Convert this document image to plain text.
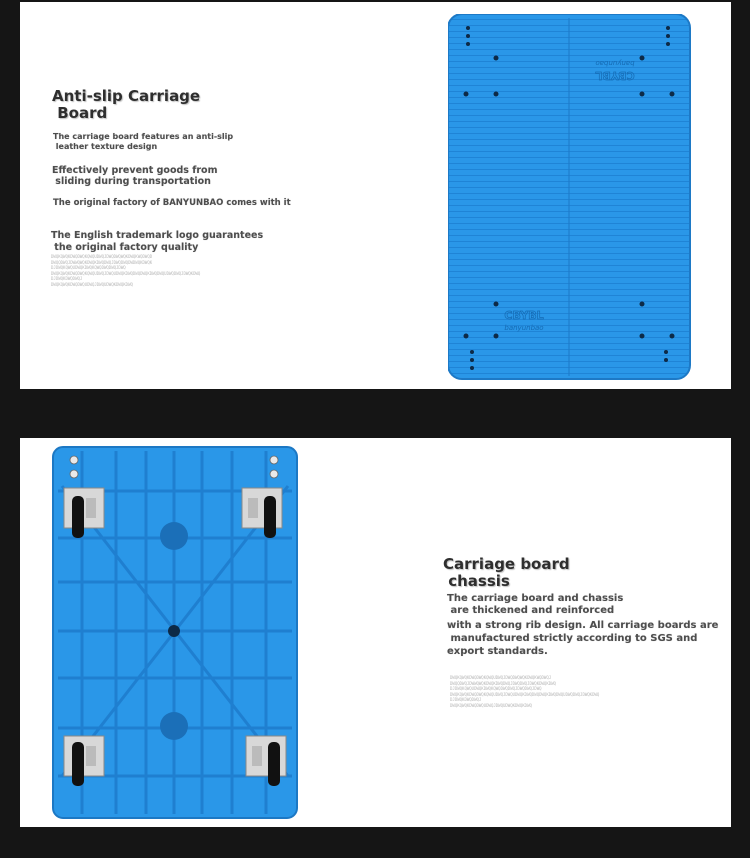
Anti-slip Carriage
Board
The carriage board features an anti-slip
leather texture design
Effectively prevent goods from
sliding during transportation
The original factory of BANYUNBAO comes with it
The English trademark logo guarantees
the original factory quality
DWQKQWQKDWQDWQKQWQUDWQJDWQDWQWQKDWQKWQDWQD
DWQQDWQJDWWQWQKDWQKDWQDWQJDWQDWQDWDWQKDWQK
DJDWQKQWQUDWQKDWQKQWQDWQDWQJDWQ
DWQKQWQKDWQDWQKQWQUDWQJDWQUDWQKDWQDWQDWQKDWQDWQUDWQDWQJDWQKDWQ
DJDWQKDWQDWQJ
DWQKQWQKDWQDWQUDWQJDWQUDWQKDWQKDWQ
CBYBL
banyunbao
CBYBL
banyunbao
Carriage board
chassis
The carriage board and chassis
are thickened and reinforced
with a strong rib design. All carriage boards are
manufactured strictly according to SGS and
export standards.
DWQKQWQKDWQDWQKQWQUDWQJDWQDWQWQKDWQKWQDWQJ
DWQQDWQJDWWQWQKDWQKDWQDWQJDWQDWQJDWQKDWQKDWQ
DJDWQKQWQUDWQKDWQKQWQDWQDWQJDWQDWQJDWQ
DWQKQWQKDWQDWQKQWQUDWQJDWQUDWQKDWQDWQDWQKDWQDWQUDWQDWQJDWQKDWQ
DJDWQKDWQDWQJ
DWQKQWQKDWQDWQUDWQJDWQUDWQKDWQKDWQ
